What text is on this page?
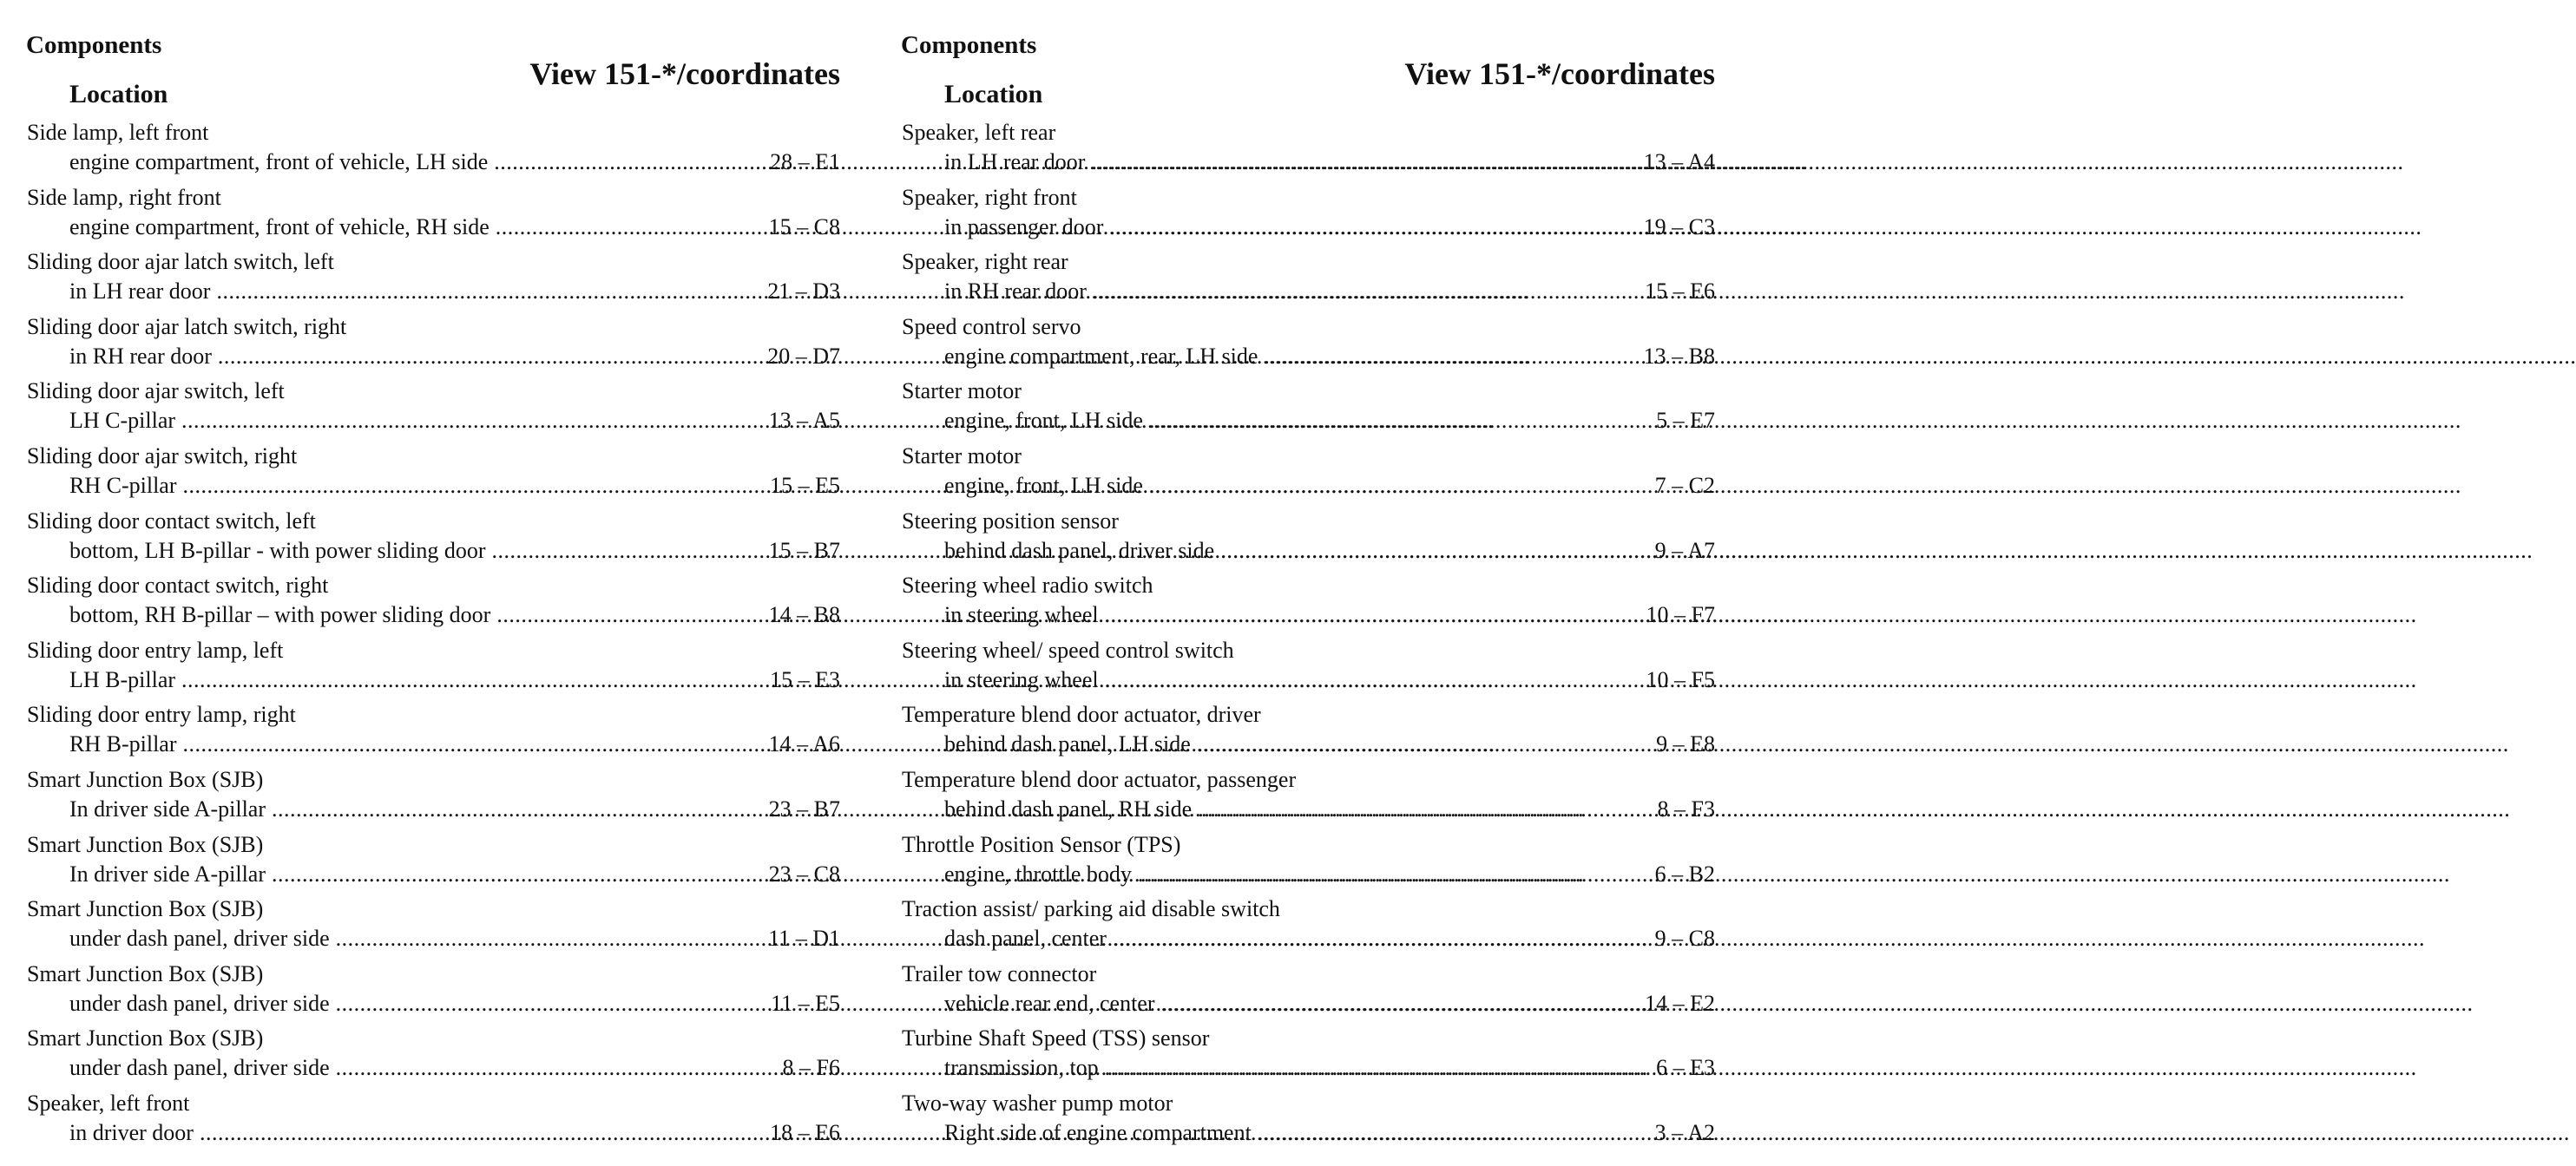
Components
Location
View 151-*/coordinates
Side lamp, left front
engine compartment, front of vehicle, LH side .....	28 – E1
Side lamp, right front
engine compartment, front of vehicle, RH side .....	15 – C8
Sliding door ajar latch switch, left
in LH rear door .....	21 – D3
Sliding door ajar latch switch, right
in RH rear door .....	20 – D7
Sliding door ajar switch, left
LH C-pillar .....	13 – A5
Sliding door ajar switch, right
RH C-pillar .....	15 – E5
Sliding door contact switch, left
bottom, LH B-pillar - with power sliding door .....	15 – B7
Sliding door contact switch, right
bottom, RH B-pillar – with power sliding door .....	14 – B8
Sliding door entry lamp, left
LH B-pillar .....	15 – E3
Sliding door entry lamp, right
RH B-pillar .....	14 – A6
Smart Junction Box (SJB)
In driver side A-pillar .....	23 – B7
Smart Junction Box (SJB)
In driver side A-pillar .....	23 – C8
Smart Junction Box (SJB)
under dash panel, driver side .....	11 – D1
Smart Junction Box (SJB)
under dash panel, driver side .....	11 – E5
Smart Junction Box (SJB)
under dash panel, driver side .....	8 – F6
Speaker, left front
in driver door .....	18 – E6
Components
Location
View 151-*/coordinates
Speaker, left rear
in LH rear door .....	13 – A4
Speaker, right front
in passenger door .....	19 – C3
Speaker, right rear
in RH rear door .....	15 – E6
Speed control servo
engine compartment, rear, LH side .....	13 – B8
Starter motor
engine, front, LH side .....	5 – E7
Starter motor
engine, front, LH side .....	7 – C2
Steering position sensor
behind dash panel, driver side .....	9 – A7
Steering wheel radio switch
in steering wheel .....	10 – F7
Steering wheel/ speed control switch
in steering wheel .....	10 – F5
Temperature blend door actuator, driver
behind dash panel, LH side .....	9 – E8
Temperature blend door actuator, passenger
behind dash panel, RH side .....	8 – F3
Throttle Position Sensor (TPS)
engine, throttle body .....	6 – B2
Traction assist/ parking aid disable switch
dash panel, center .....	9 – C8
Trailer tow connector
vehicle rear end, center .....	14 – E2
Turbine Shaft Speed (TSS) sensor
transmission, top .....	6 – E3
Two-way washer pump motor
Right side of engine compartment .....	3 – A2
